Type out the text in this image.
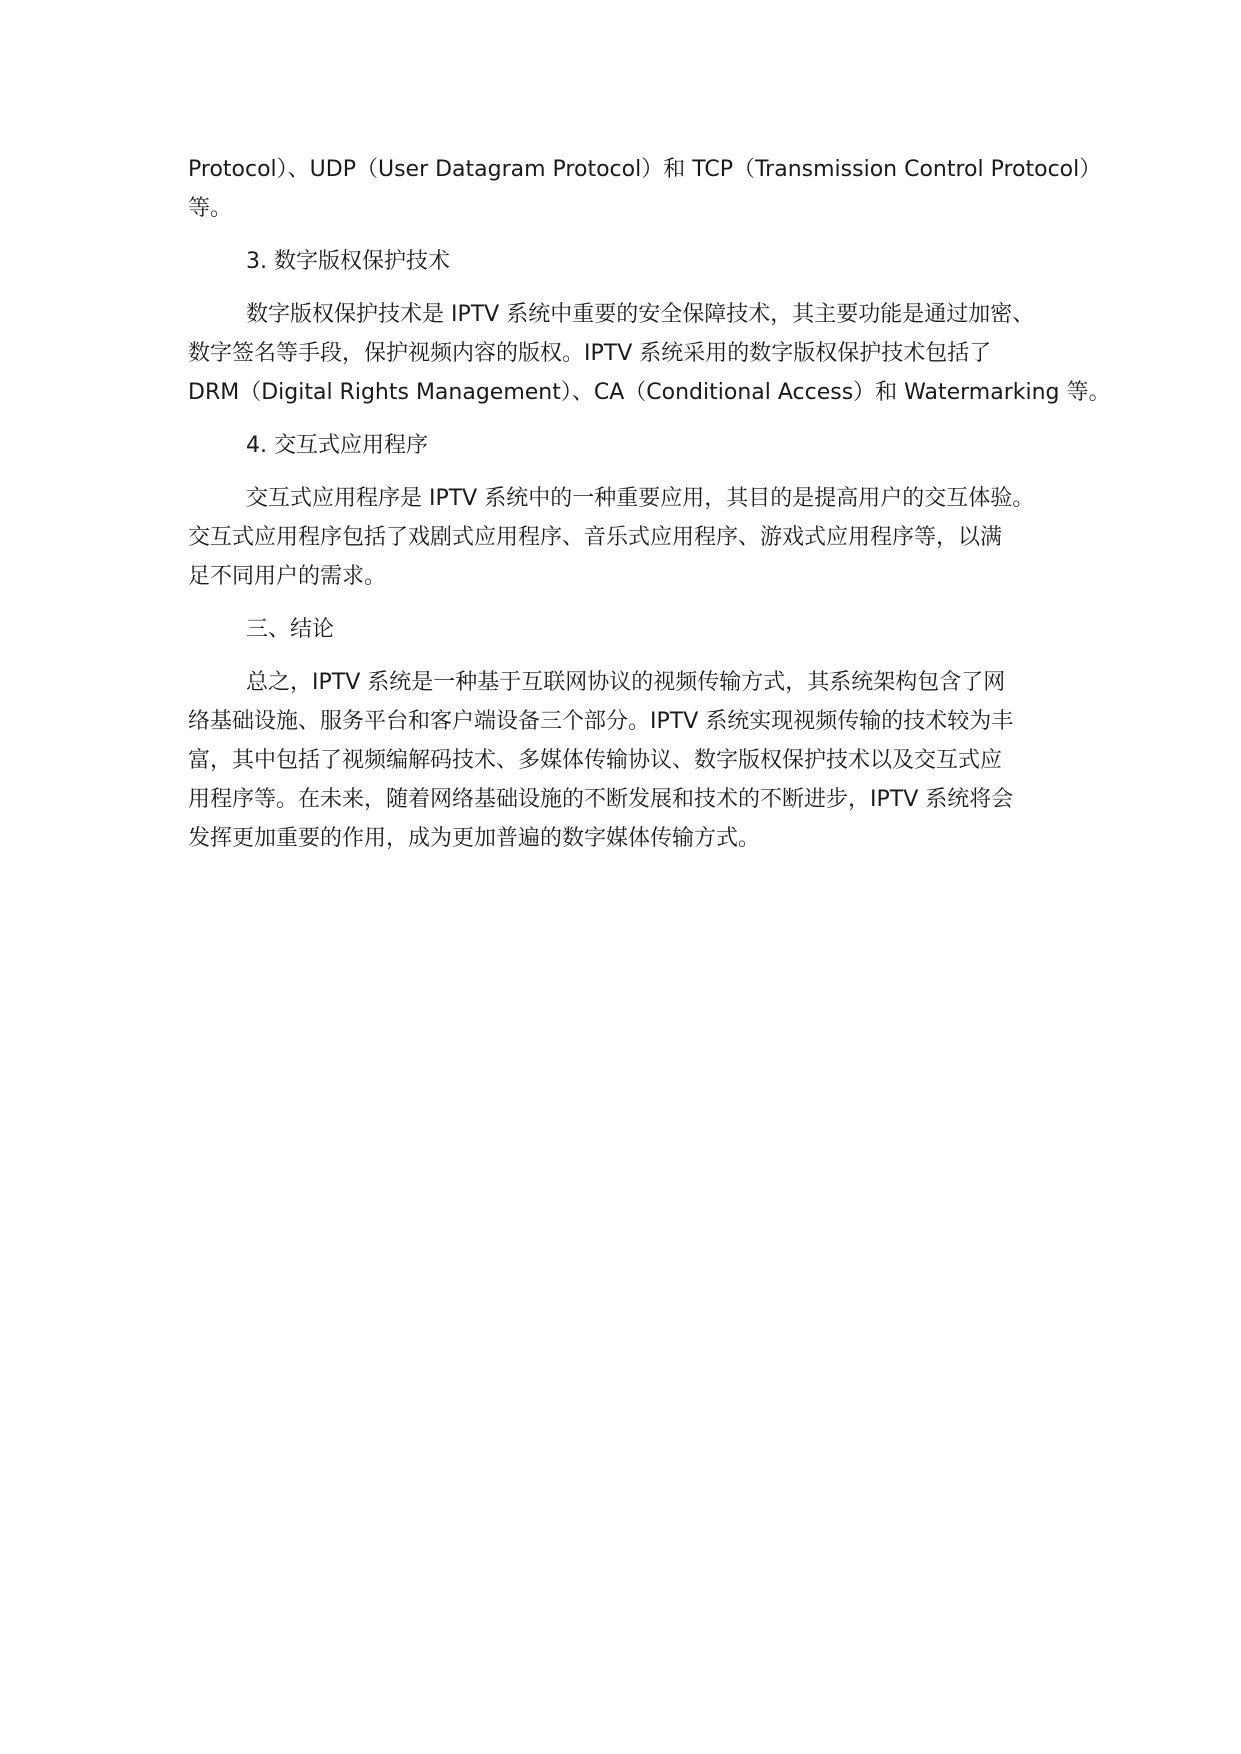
Protocol）、UDP（User Datagram Protocol）和 TCP（Transmission Control Protocol）

等。

3. 数字版权保护技术

数字版权保护技术是 IPTV 系统中重要的安全保障技术，其主要功能是通过加密、

数字签名等手段，保护视频内容的版权。IPTV 系统采用的数字版权保护技术包括了

DRM（Digital Rights Management）、CA（Conditional Access）和 Watermarking 等。

4. 交互式应用程序

交互式应用程序是 IPTV 系统中的一种重要应用，其目的是提高用户的交互体验。

交互式应用程序包括了戏剧式应用程序、音乐式应用程序、游戏式应用程序等，以满

足不同用户的需求。

三、结论

总之，IPTV 系统是一种基于互联网协议的视频传输方式，其系统架构包含了网

络基础设施、服务平台和客户端设备三个部分。IPTV 系统实现视频传输的技术较为丰

富，其中包括了视频编解码技术、多媒体传输协议、数字版权保护技术以及交互式应

用程序等。在未来，随着网络基础设施的不断发展和技术的不断进步，IPTV 系统将会

发挥更加重要的作用，成为更加普遍的数字媒体传输方式。
